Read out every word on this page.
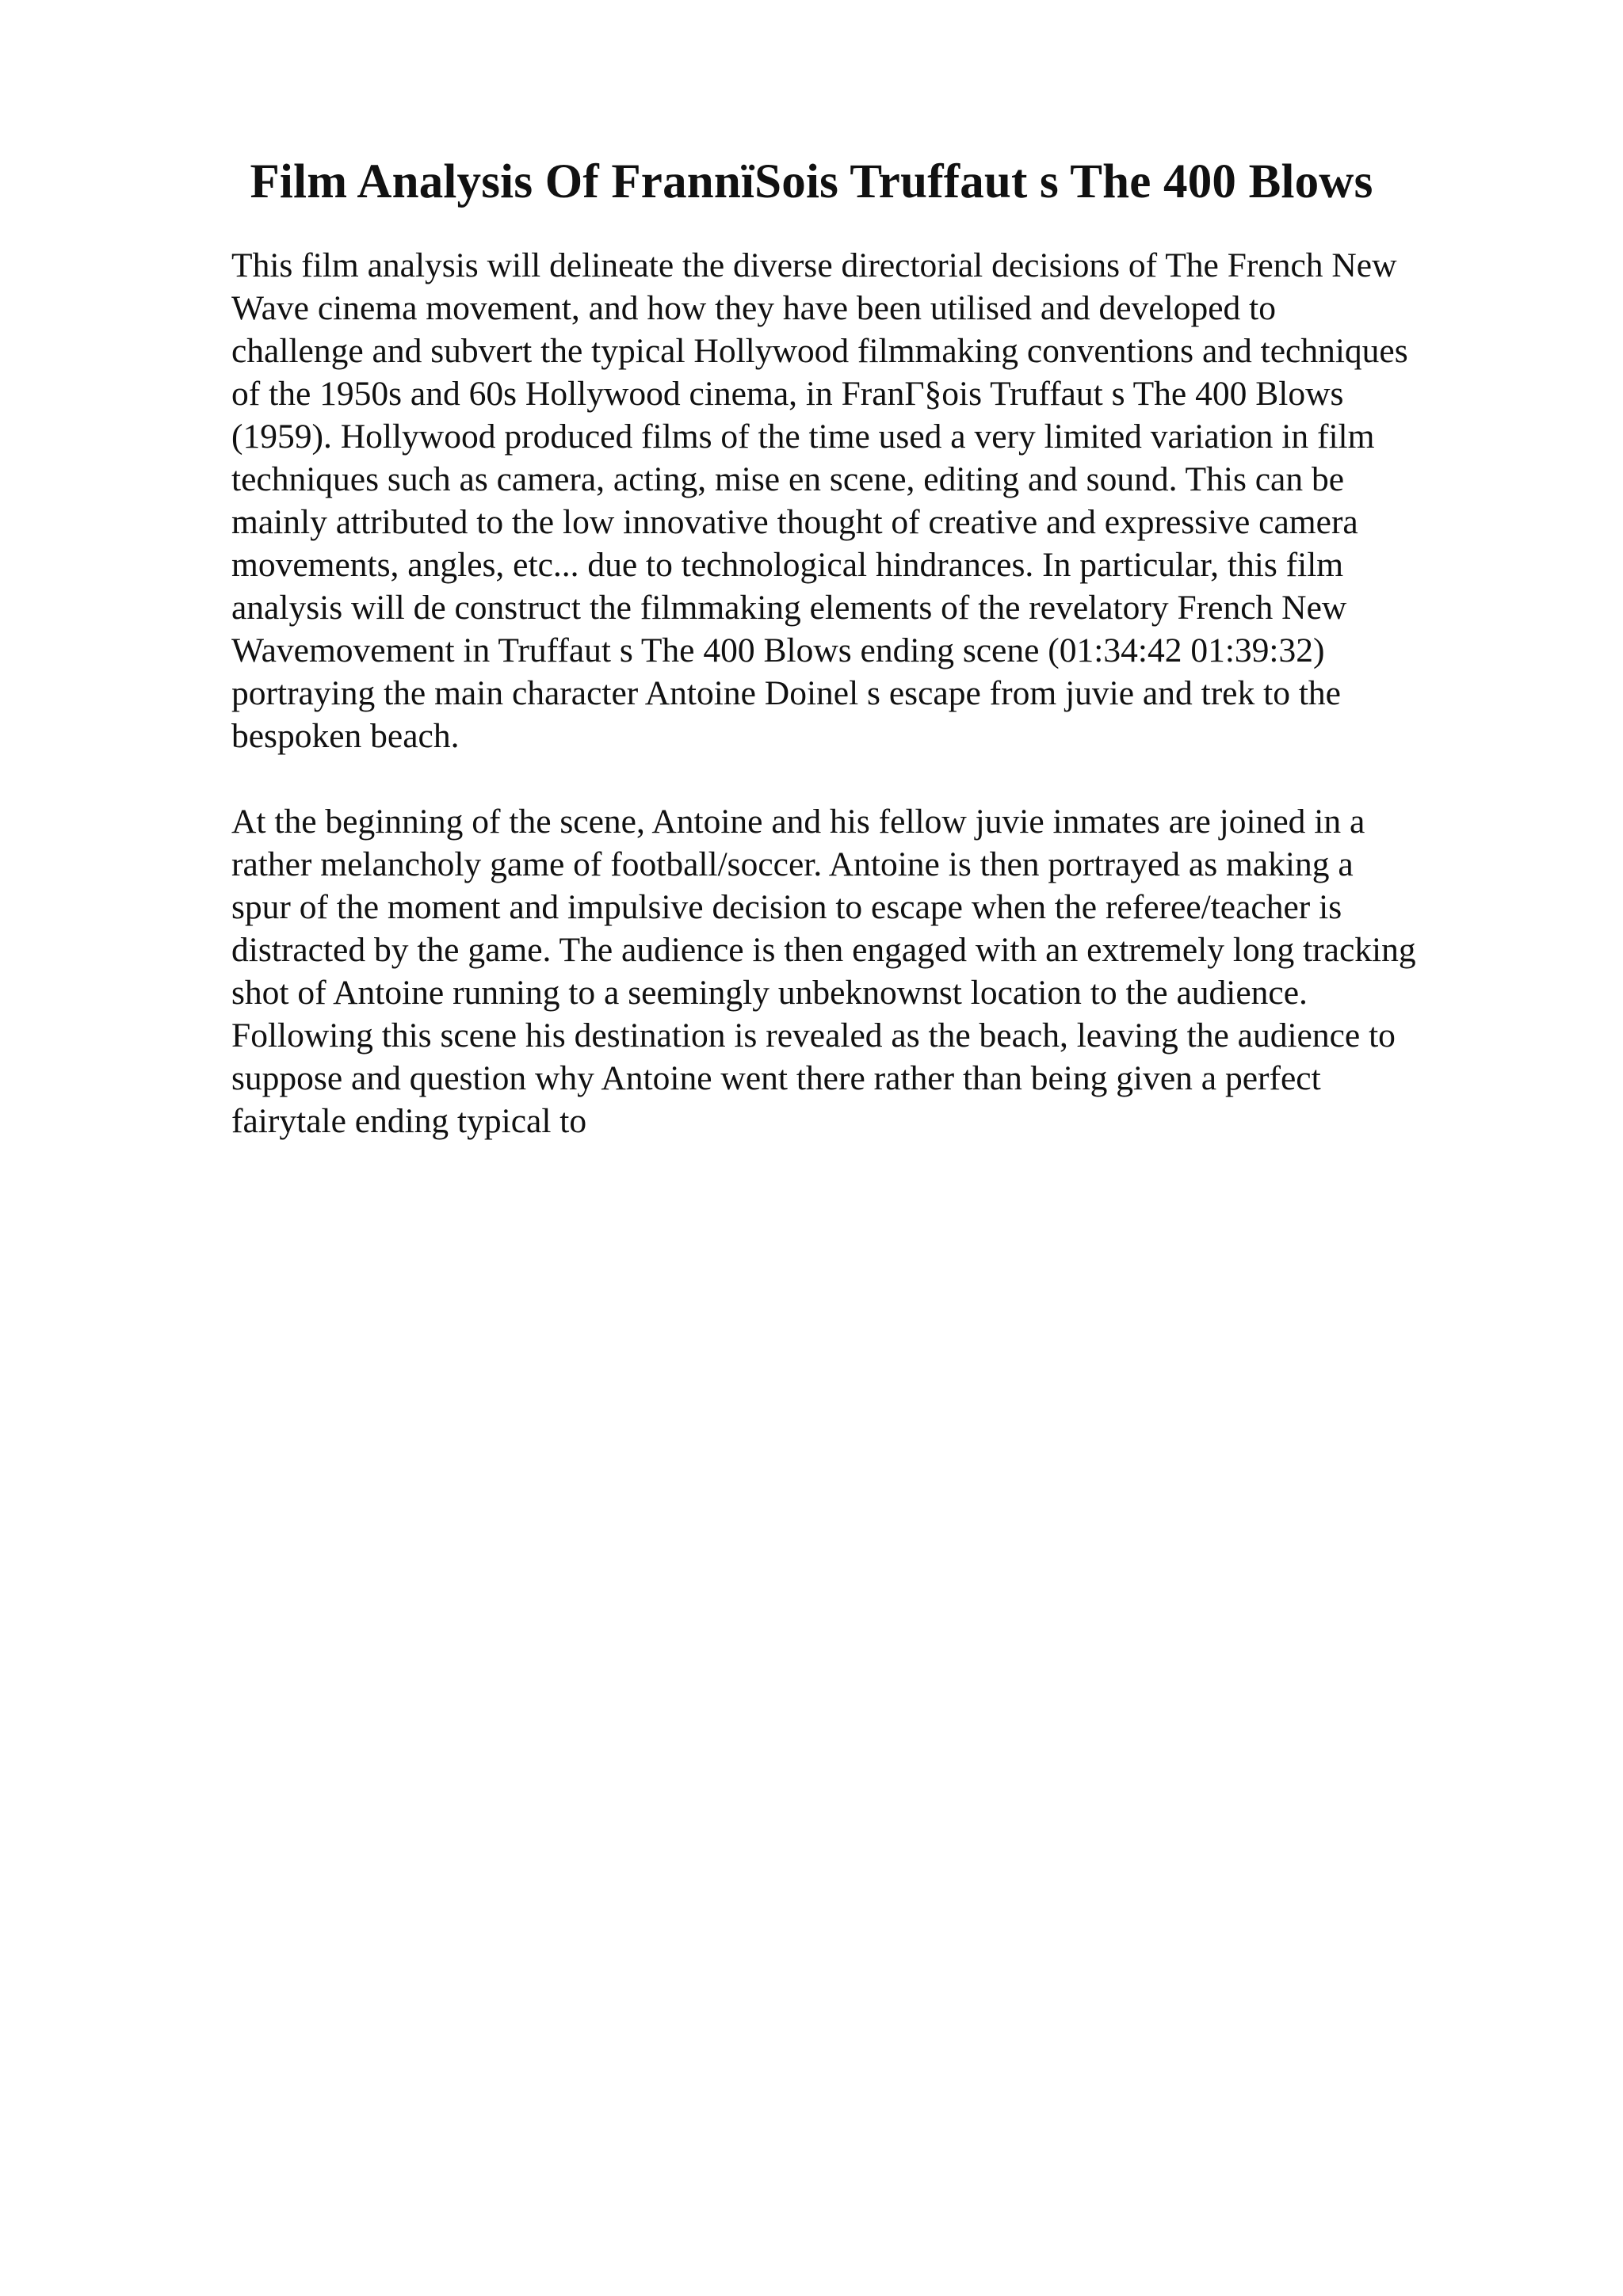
Film Analysis Of FrannïSois Truffaut s The 400 Blows

This film analysis will delineate the diverse directorial decisions of The French New
Wave cinema movement, and how they have been utilised and developed to
challenge and subvert the typical Hollywood filmmaking conventions and techniques
of the 1950s and 60s Hollywood cinema, in FranΓ§ois Truffaut s The 400 Blows
(1959). Hollywood produced films of the time used a very limited variation in film
techniques such as camera, acting, mise en scene, editing and sound. This can be
mainly attributed to the low innovative thought of creative and expressive camera
movements, angles, etc... due to technological hindrances. In particular, this film
analysis will de construct the filmmaking elements of the revelatory French New
Wavemovement in Truffaut s The 400 Blows ending scene (01:34:42 01:39:32)
portraying the main character Antoine Doinel s escape from juvie and trek to the
bespoken beach.

At the beginning of the scene, Antoine and his fellow juvie inmates are joined in a
rather melancholy game of football/soccer. Antoine is then portrayed as making a
spur of the moment and impulsive decision to escape when the referee/teacher is
distracted by the game. The audience is then engaged with an extremely long tracking
shot of Antoine running to a seemingly unbeknownst location to the audience.
Following this scene his destination is revealed as the beach, leaving the audience to
suppose and question why Antoine went there rather than being given a perfect
fairytale ending typical to
